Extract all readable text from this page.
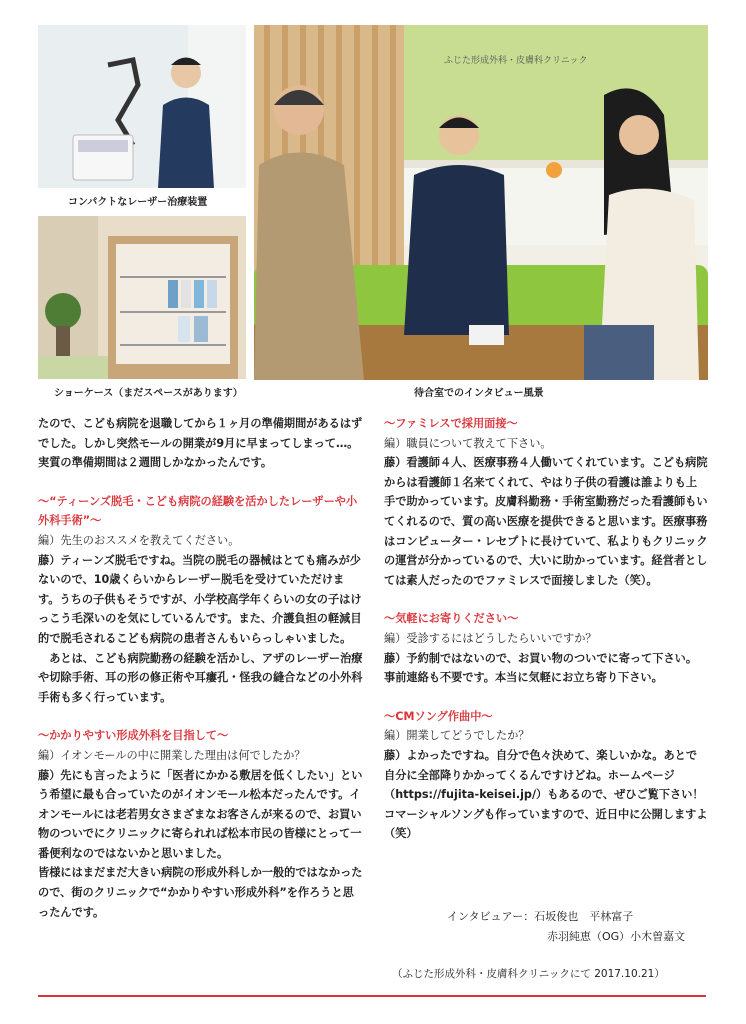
コンパクトなレーザー治療装置
ショーケース（まだスペースがあります）
ふじた形成外科・皮膚科クリニック
待合室でのインタビュー風景

たので、こども病院を退職してから１ヶ月の準備期間があるはずでした。しかし突然モールの開業が9月に早まってしまって…。実質の準備期間は２週間しかなかったんです。

～“ティーンズ脱毛・こども病院の経験を活かしたレーザーや小外科手術”～

編）先生のおススメを教えてください。

藤）ティーンズ脱毛ですね。当院の脱毛の器械はとても痛みが少ないので、10歳くらいからレーザー脱毛を受けていただけます。うちの子供もそうですが、小学校高学年くらいの女の子はけっこう毛深いのを気にしているんです。また、介護負担の軽減目的で脱毛されるこども病院の患者さんもいらっしゃいました。

あとは、こども病院勤務の経験を活かし、アザのレーザー治療や切除手術、耳の形の修正術や耳瘻孔・怪我の縫合などの小外科手術も多く行っています。

～かかりやすい形成外科を目指して～

編）イオンモールの中に開業した理由は何でしたか？

藤）先にも言ったように「医者にかかる敷居を低くしたい」という希望に最も合っていたのがイオンモール松本だったんです。イオンモールには老若男女さまざまなお客さんが来るので、お買い物のついでにクリニックに寄られれば松本市民の皆様にとって一番便利なのではないかと思いました。

皆様にはまだまだ大きい病院の形成外科しか一般的ではなかったので、街のクリニックで“かかりやすい形成外科”を作ろうと思ったんです。

～ファミレスで採用面接～

編）職員について教えて下さい。

藤）看護師４人、医療事務４人働いてくれています。こども病院からは看護師１名来てくれて、やはり子供の看護は誰よりも上手で助かっています。皮膚科勤務・手術室勤務だった看護師もいてくれるので、質の高い医療を提供できると思います。医療事務はコンピューター・レセプトに長けていて、私よりもクリニックの運営が分かっているので、大いに助かっています。経営者としては素人だったのでファミレスで面接しました（笑）。

～気軽にお寄りください～

編）受診するにはどうしたらいいですか？

藤）予約制ではないので、お買い物のついでに寄って下さい。事前連絡も不要です。本当に気軽にお立ち寄り下さい。

～CMソング作曲中～

編）開業してどうでしたか？

藤）よかったですね。自分で色々決めて、楽しいかな。あとで自分に全部降りかかってくるんですけどね。ホームページ（https://fujita-keisei.jp/）もあるので、ぜひご覧下さい！コマーシャルソングも作っていますので、近日中に公開しますよ（笑）

インタビュアー：石坂俊也　平林富子
赤羽純恵（OG）小木曽嘉文
（ふじた形成外科・皮膚科クリニックにて 2017.10.21）
